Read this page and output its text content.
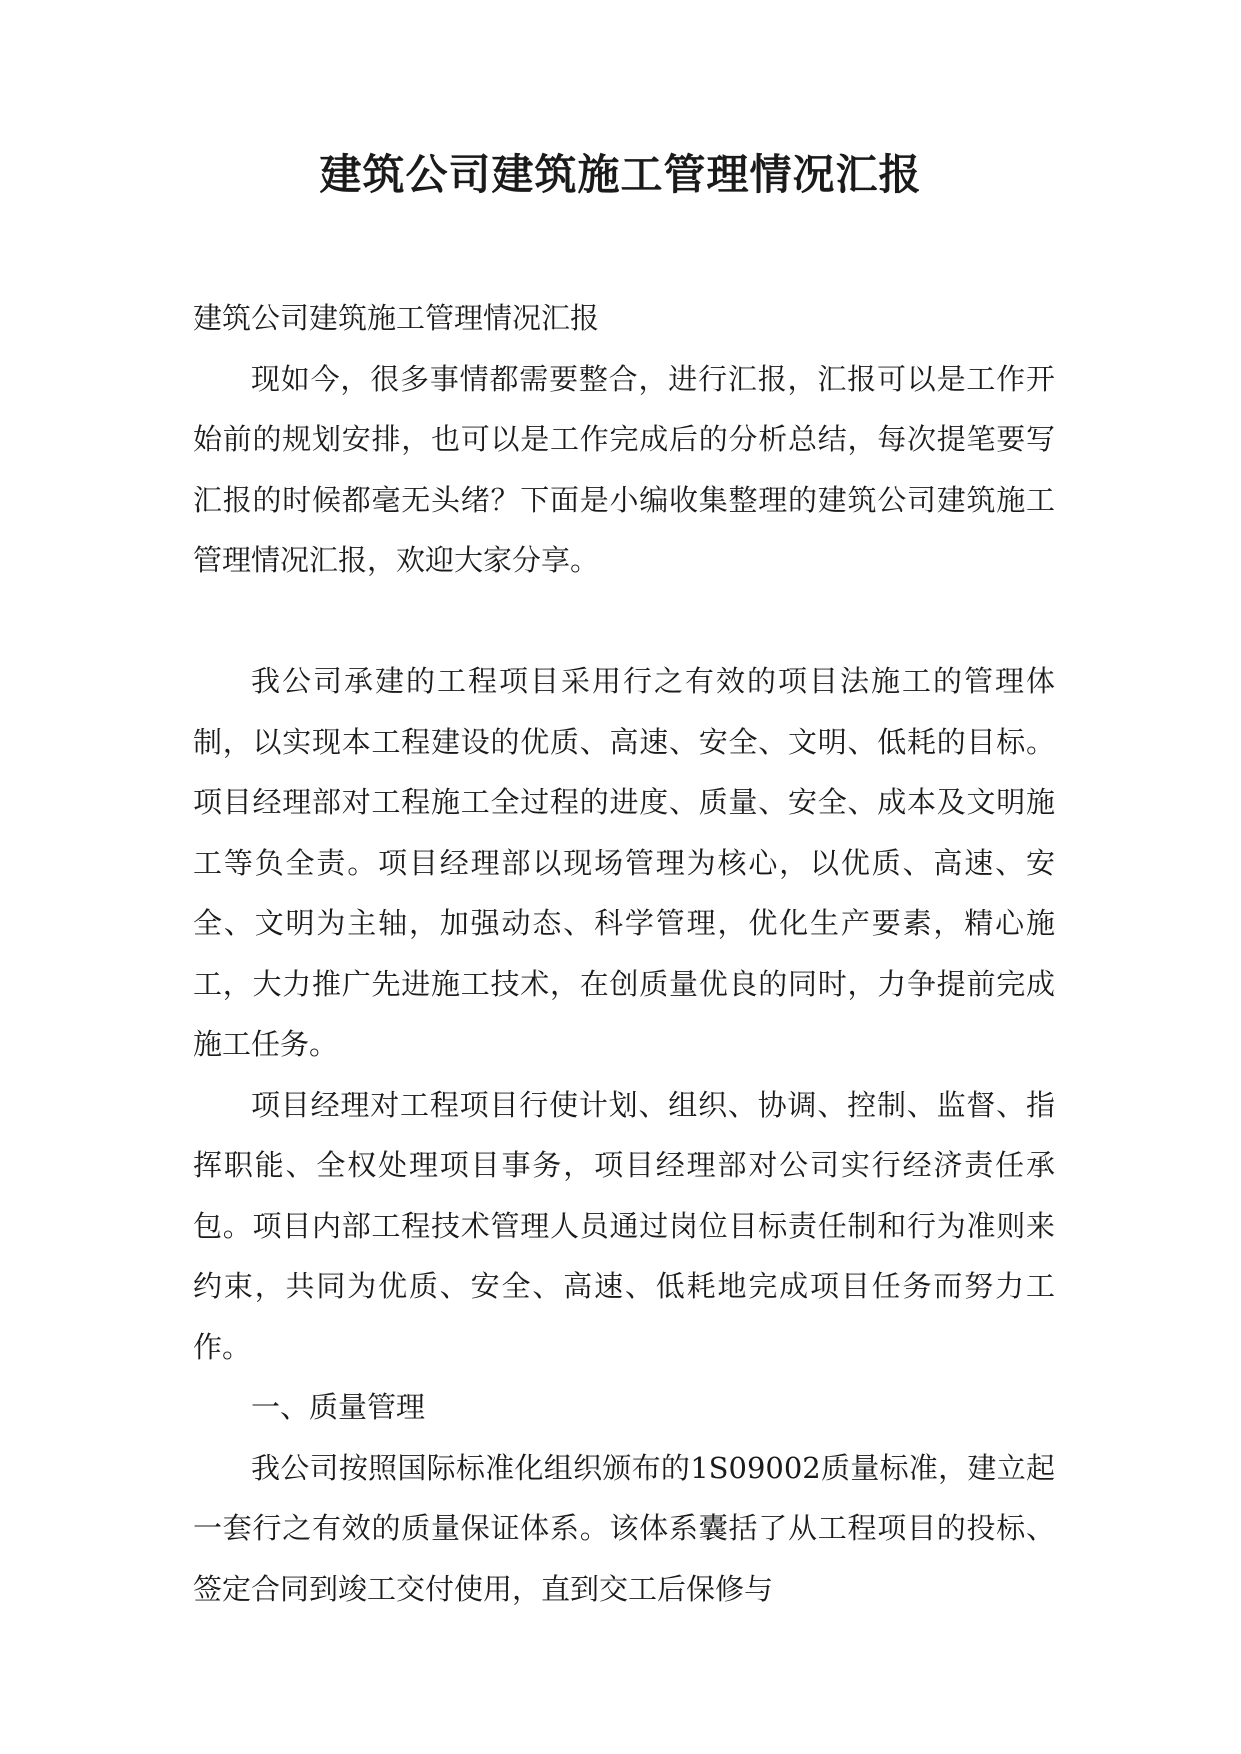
建筑公司建筑施工管理情况汇报

建筑公司建筑施工管理情况汇报

现如今，很多事情都需要整合，进行汇报，汇报可以是工作开始前的规划安排，也可以是工作完成后的分析总结，每次提笔要写汇报的时候都毫无头绪？下面是小编收集整理的建筑公司建筑施工管理情况汇报，欢迎大家分享。

我公司承建的工程项目采用行之有效的项目法施工的管理体制，以实现本工程建设的优质、高速、安全、文明、低耗的目标。项目经理部对工程施工全过程的进度、质量、安全、成本及文明施工等负全责。项目经理部以现场管理为核心，以优质、高速、安全、文明为主轴，加强动态、科学管理，优化生产要素，精心施工，大力推广先进施工技术，在创质量优良的同时，力争提前完成施工任务。

项目经理对工程项目行使计划、组织、协调、控制、监督、指挥职能、全权处理项目事务，项目经理部对公司实行经济责任承包。项目内部工程技术管理人员通过岗位目标责任制和行为准则来约束，共同为优质、安全、高速、低耗地完成项目任务而努力工作。

一、质量管理

我公司按照国际标准化组织颁布的1S09002质量标准，建立起一套行之有效的质量保证体系。该体系囊括了从工程项目的投标、签定合同到竣工交付使用，直到交工后保修与
